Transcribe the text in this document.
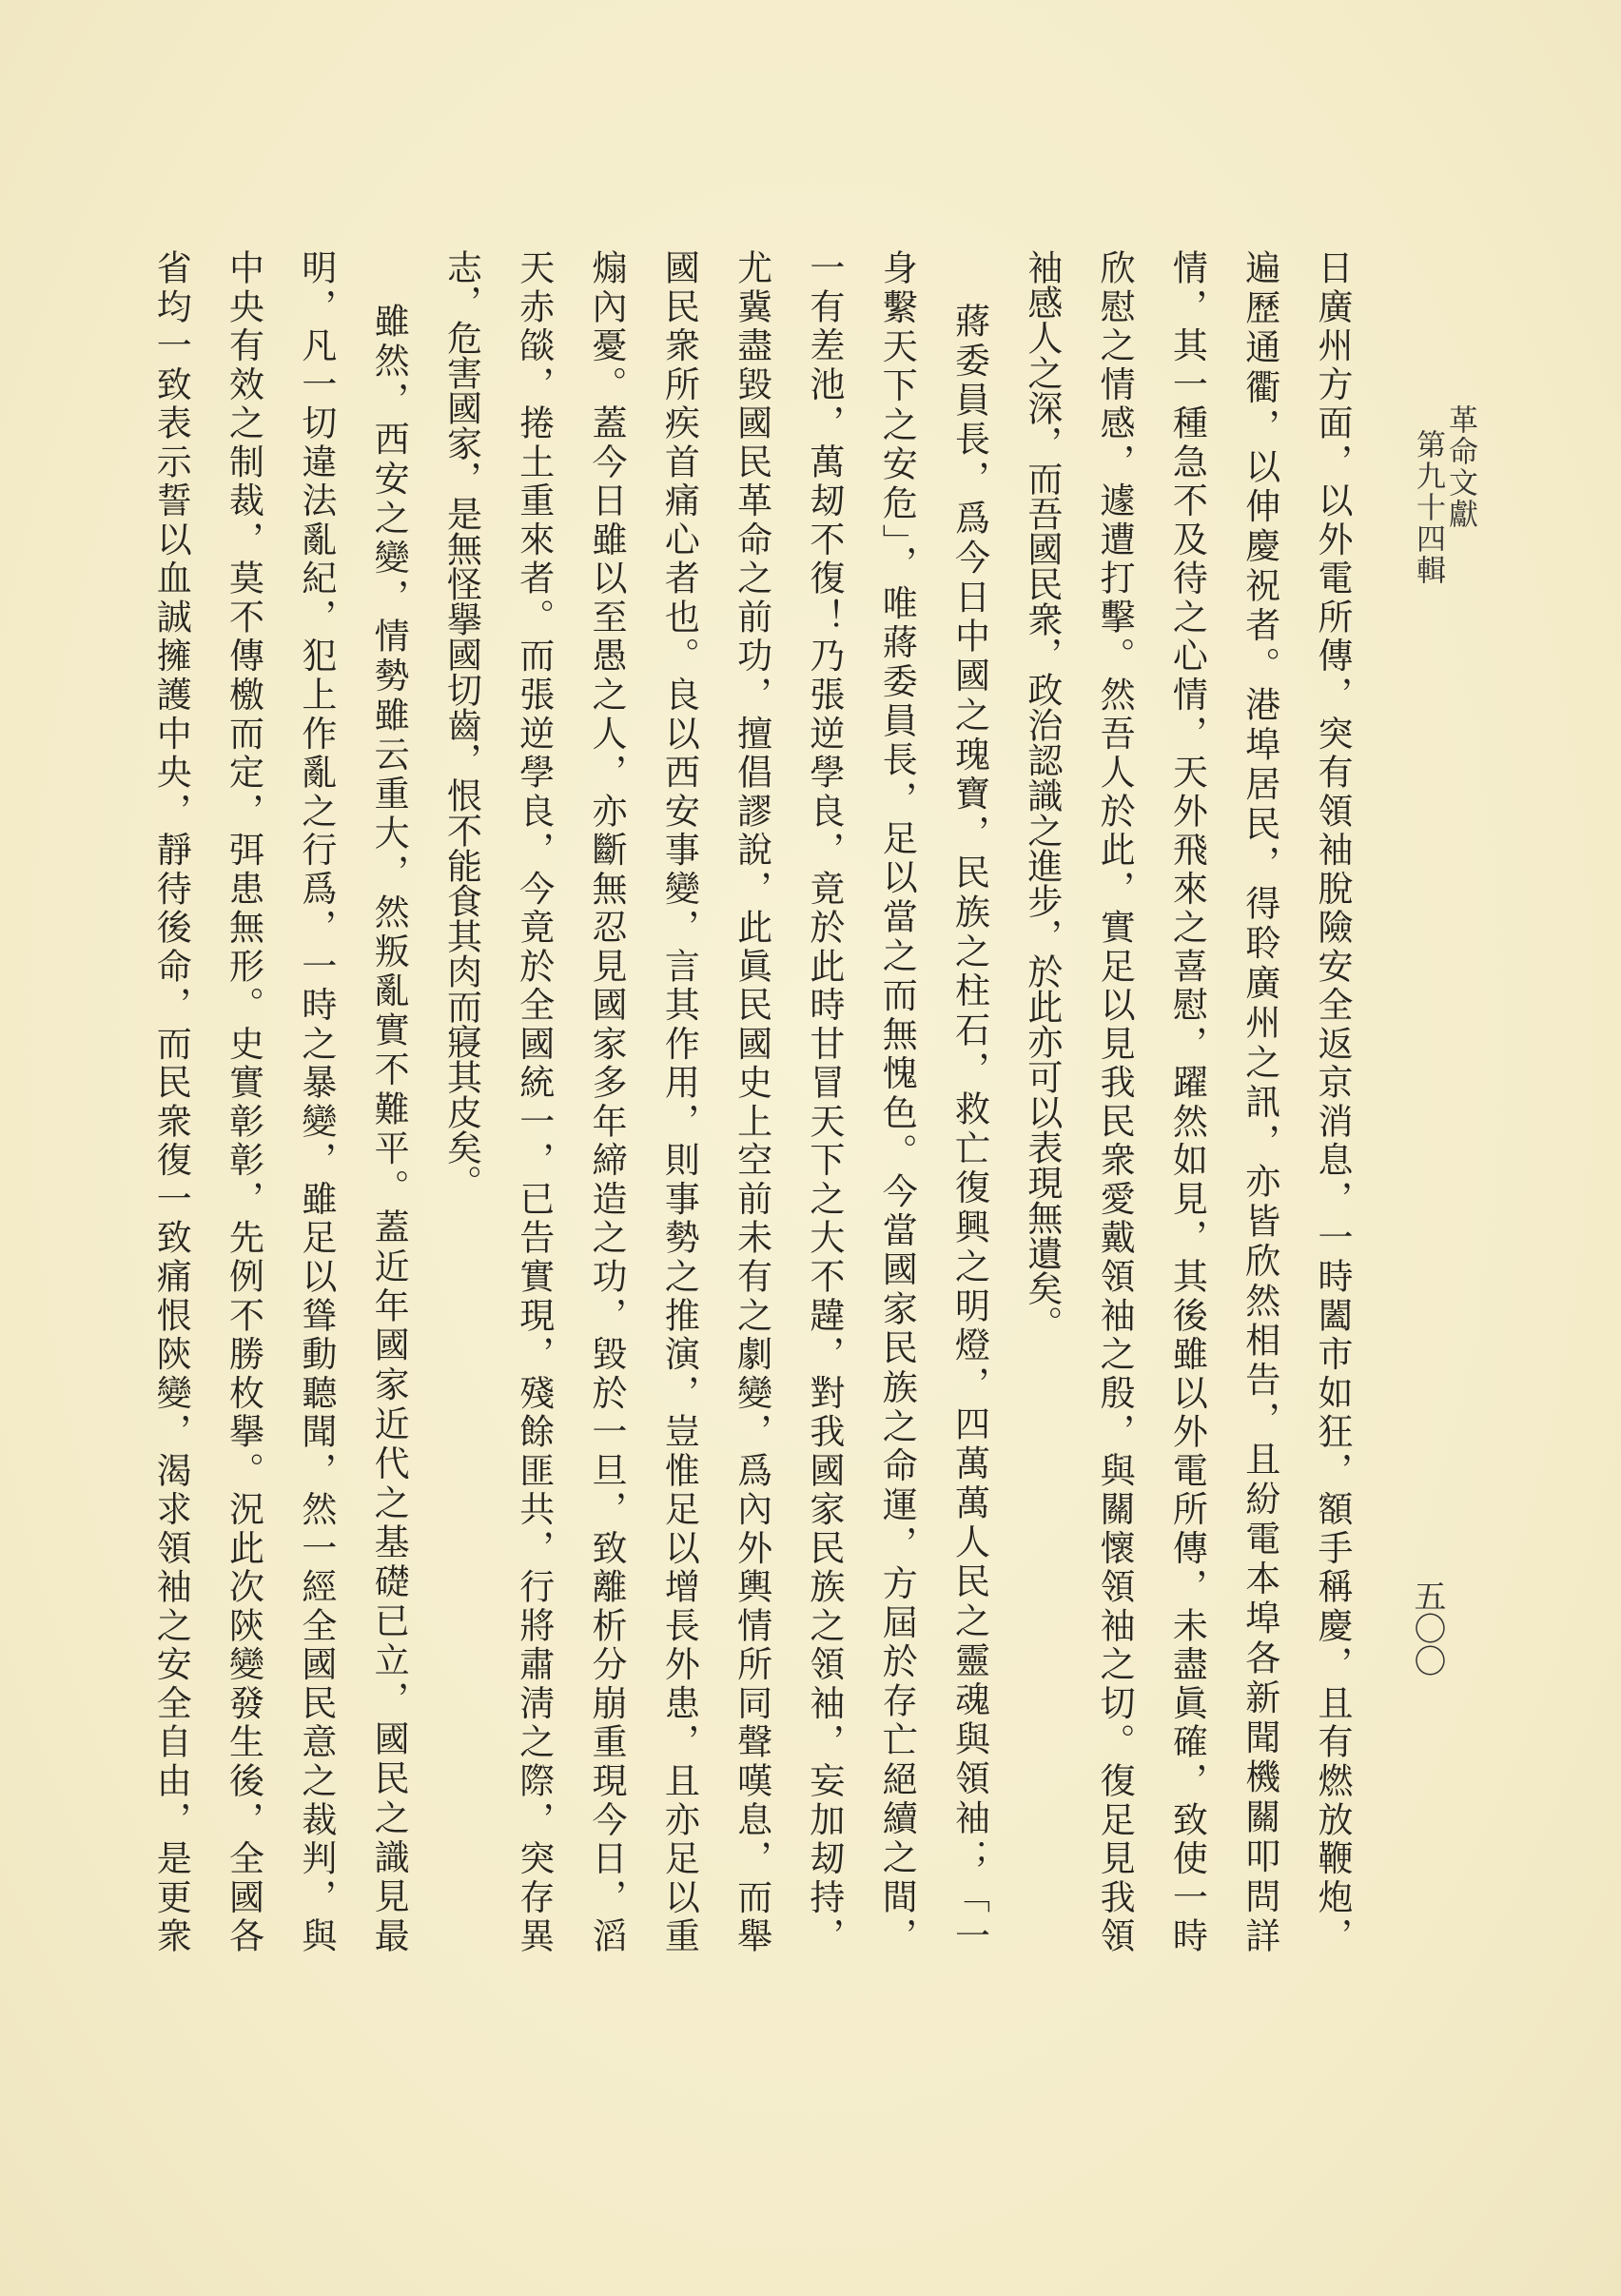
革命文獻
第九十四輯
五〇〇
日廣州方面，以外電所傳，突有領袖脫險安全返京消息，一時闔市如狂，額手稱慶，且有燃放鞭炮，
遍歷通衢，以伸慶祝者。港埠居民，得聆廣州之訊，亦皆欣然相告，且紛電本埠各新聞機關叩問詳
情，其一種急不及待之心情，天外飛來之喜慰，躍然如見，其後雖以外電所傳，未盡眞確，致使一時
欣慰之情感，遽遭打擊。然吾人於此，實足以見我民衆愛戴領袖之殷，與關懷領袖之切。復足見我領
袖感人之深，而吾國民衆，政治認識之進步，於此亦可以表現無遺矣。
蔣委員長，爲今日中國之瑰寶，民族之柱石，救亡復興之明燈，四萬萬人民之靈魂與領袖；「一
身繫天下之安危」，唯蔣委員長，足以當之而無愧色。今當國家民族之命運，方屆於存亡絕續之間，
一有差池，萬刼不復！乃張逆學良，竟於此時甘冒天下之大不韙，對我國家民族之領袖，妄加刼持，
尤冀盡毀國民革命之前功，擅倡謬說，此眞民國史上空前未有之劇變，爲內外輿情所同聲嘆息，而舉
國民衆所疾首痛心者也。良以西安事變，言其作用，則事勢之推演，豈惟足以增長外患，且亦足以重
煽內憂。蓋今日雖以至愚之人，亦斷無忍見國家多年締造之功，毀於一旦，致離析分崩重現今日，滔
天赤燄，捲土重來者。而張逆學良，今竟於全國統一，已告實現，殘餘匪共，行將肅淸之際，突存異
志，危害國家，是無怪擧國切齒，恨不能食其肉而寢其皮矣。
雖然，西安之變，情勢雖云重大，然叛亂實不難平。蓋近年國家近代之基礎已立，國民之識見最
明，凡一切違法亂紀，犯上作亂之行爲，一時之暴變，雖足以聳動聽聞，然一經全國民意之裁判，與
中央有效之制裁，莫不傳檄而定，弭患無形。史實彰彰，先例不勝枚擧。況此次陝變發生後，全國各
省均一致表示誓以血誠擁護中央，靜待後命，而民衆復一致痛恨陝變，渴求領袖之安全自由，是更衆
